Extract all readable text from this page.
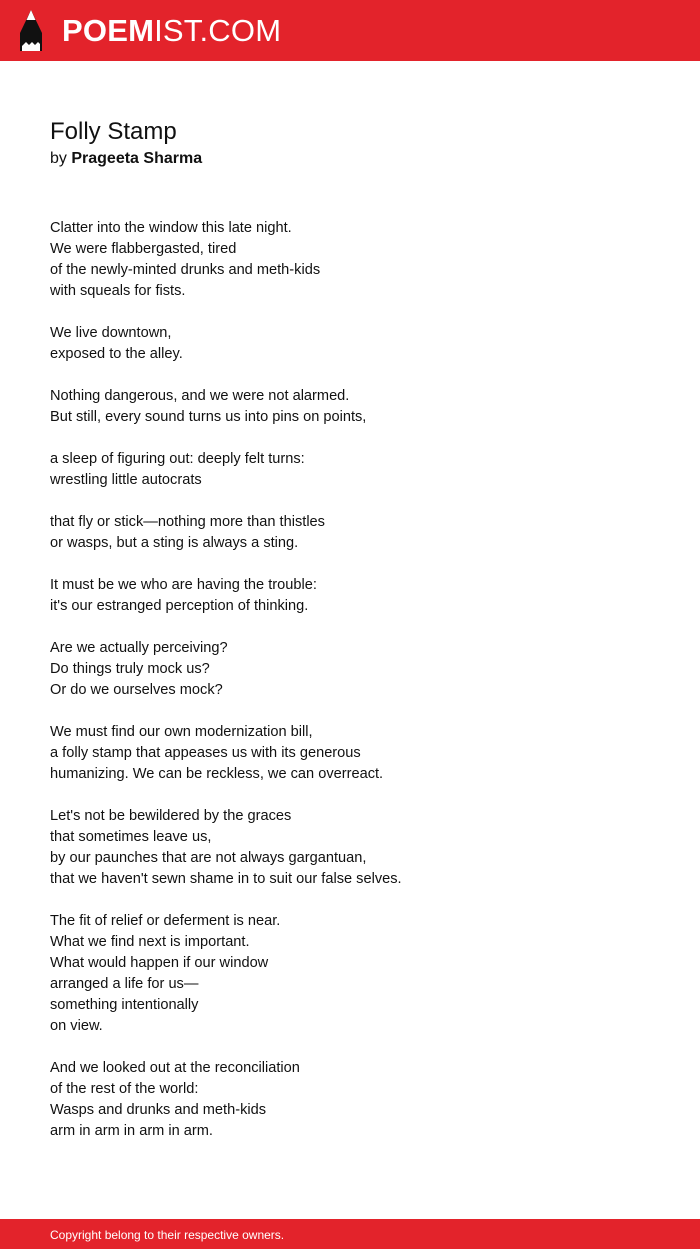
POEMIST.COM
Folly Stamp
by Prageeta Sharma
Clatter into the window this late night.
We were flabbergasted, tired
of the newly-minted drunks and meth-kids
with squeals for fists.
We live downtown,
exposed to the alley.
Nothing dangerous, and we were not alarmed.
But still, every sound turns us into pins on points,
a sleep of figuring out: deeply felt turns:
wrestling little autocrats
that fly or stick—nothing more than thistles
or wasps, but a sting is always a sting.
It must be we who are having the trouble:
it's our estranged perception of thinking.
Are we actually perceiving?
Do things truly mock us?
Or do we ourselves mock?
We must find our own modernization bill,
a folly stamp that appeases us with its generous
humanizing. We can be reckless, we can overreact.
Let's not be bewildered by the graces
that sometimes leave us,
by our paunches that are not always gargantuan,
that we haven't sewn shame in to suit our false selves.
The fit of relief or deferment is near.
What we find next is important.
What would happen if our window
arranged a life for us—
something intentionally
on view.
And we looked out at the reconciliation
of the rest of the world:
Wasps and drunks and meth-kids
arm in arm in arm in arm.
Copyright belong to their respective owners.
